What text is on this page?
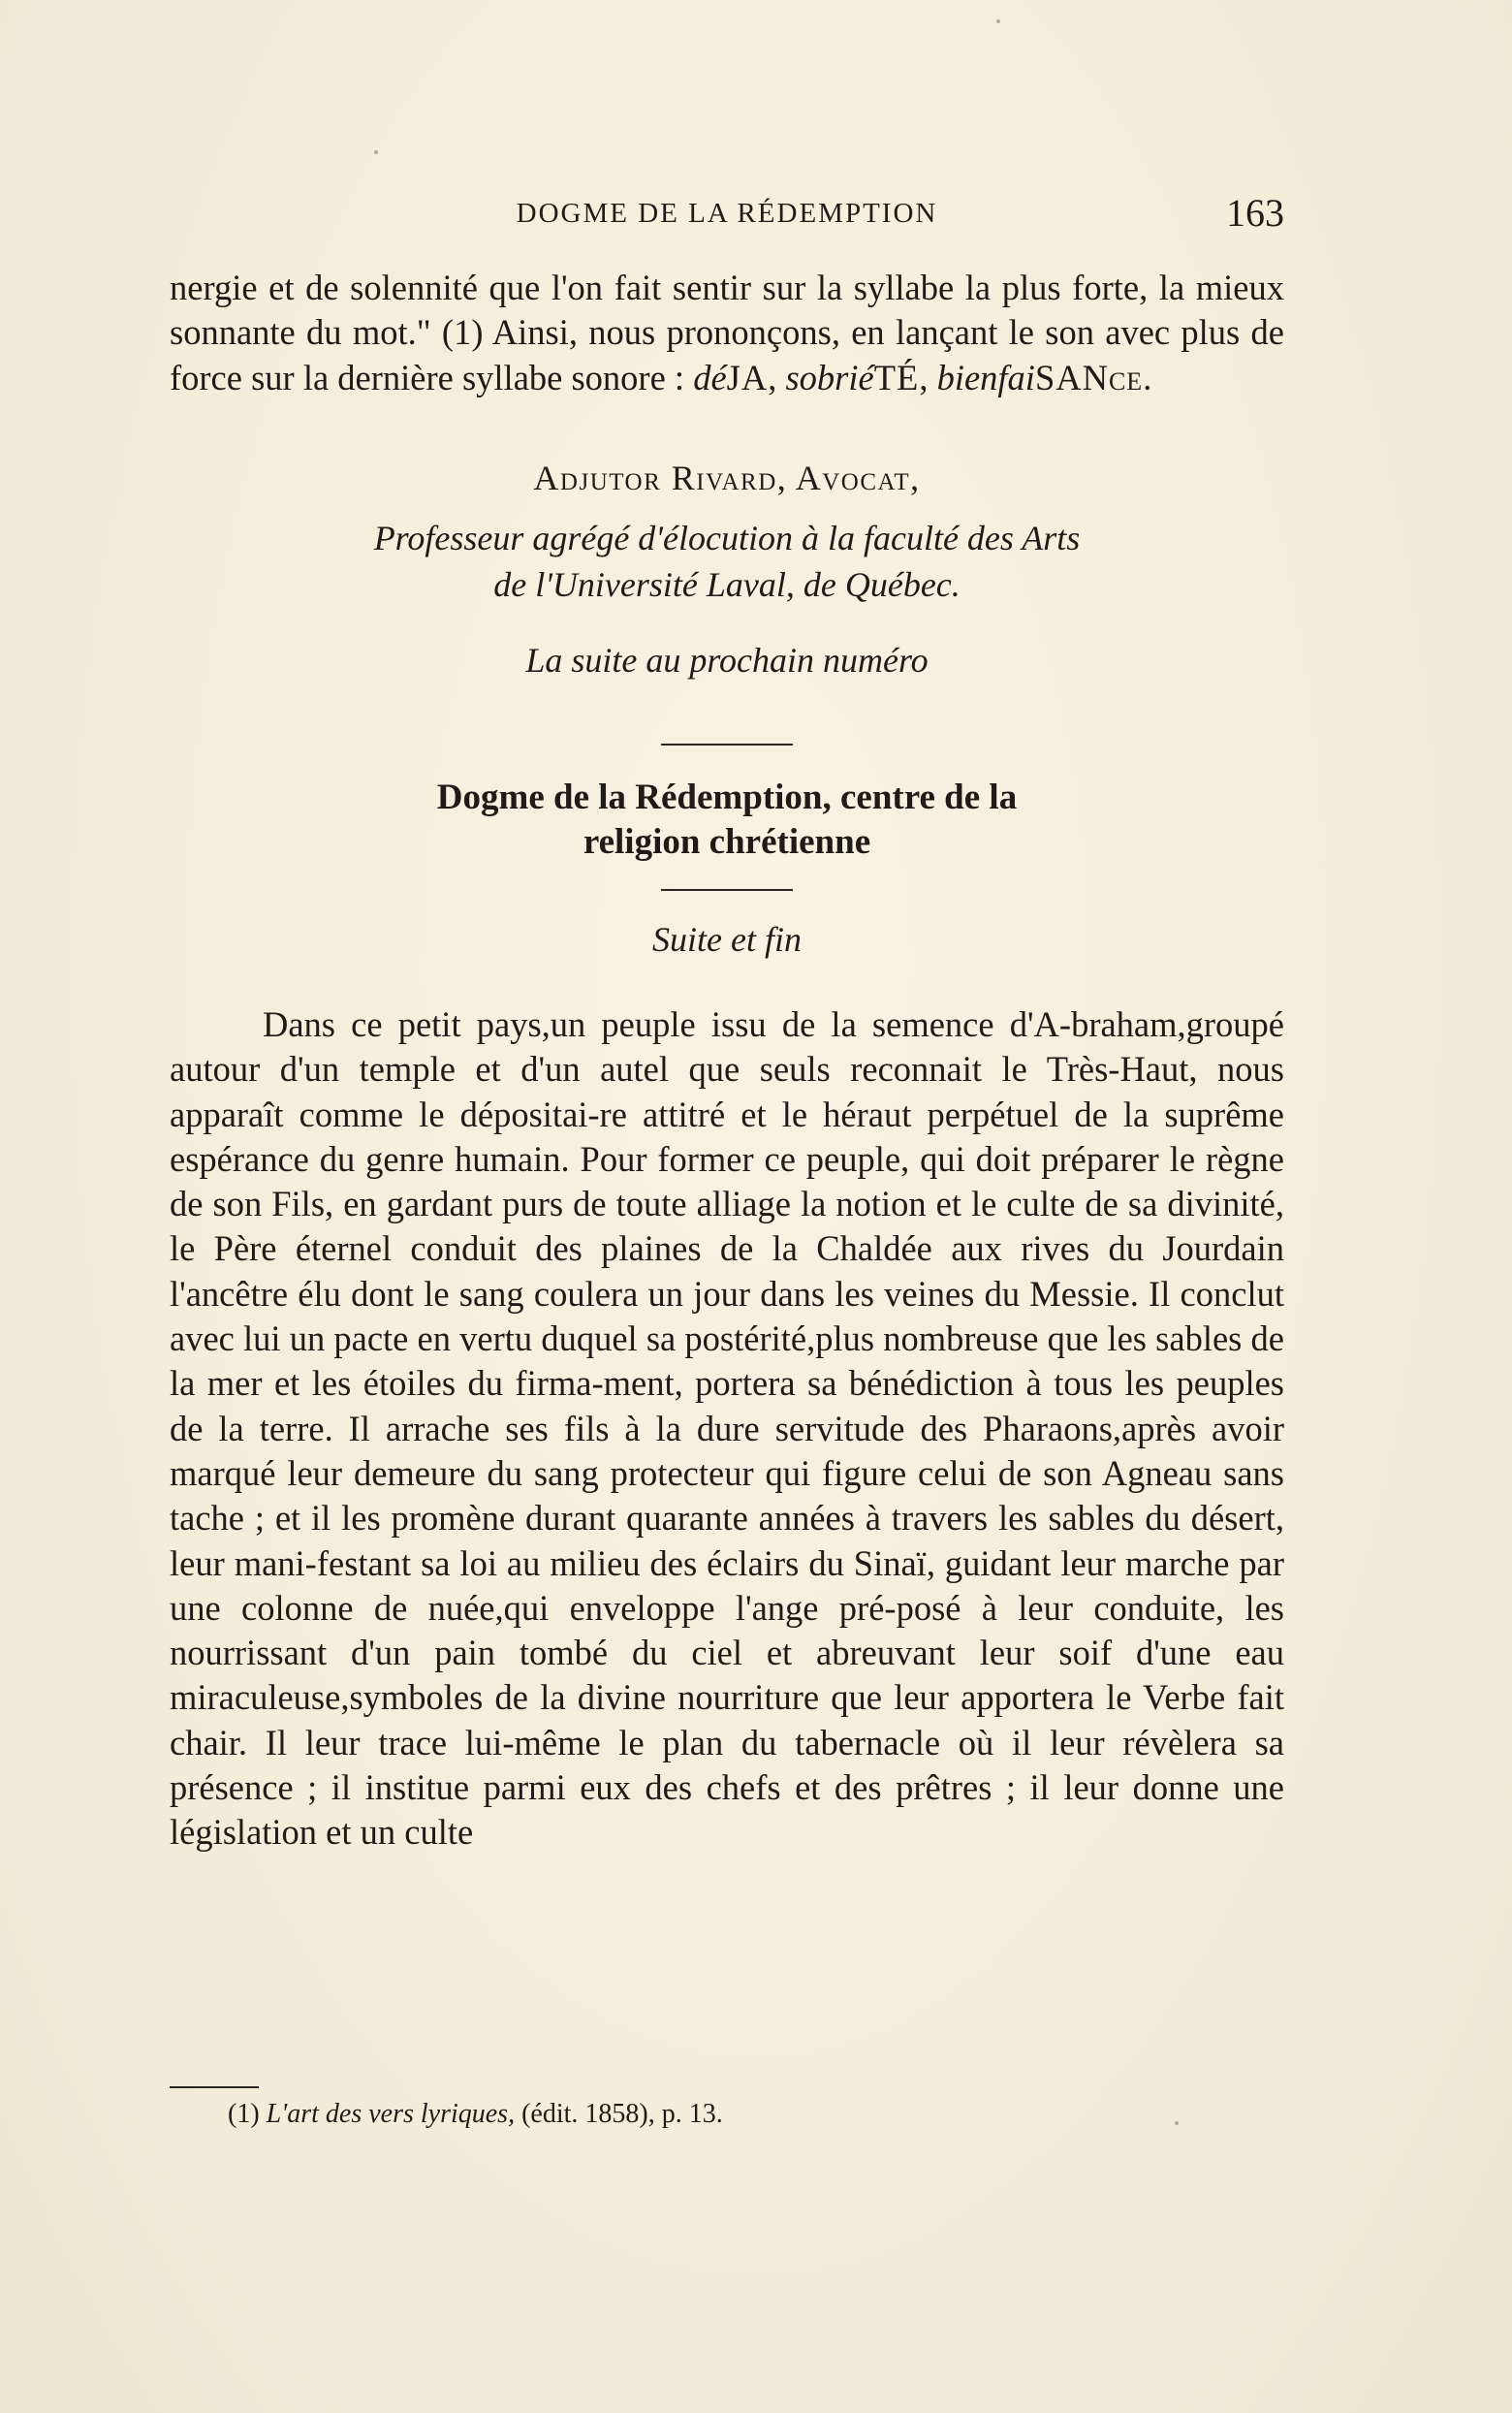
DOGME DE LA RÉDEMPTION	163
nergie et de solennité que l'on fait sentir sur la syllabe la plus forte, la mieux sonnante du mot." (1) Ainsi, nous prononçons, en lançant le son avec plus de force sur la dernière syllabe sonore : déJA, sobriéTÉ, bienfaiSANce.
Adjutor Rivard, Avocat,
Professeur agrégé d'élocution à la faculté des Arts
de l'Université Laval, de Québec.
La suite au prochain numéro
Dogme de la Rédemption, centre de la
religion chrétienne
Suite et fin
Dans ce petit pays,un peuple issu de la semence d'A-braham,groupé autour d'un temple et d'un autel que seuls reconnait le Très-Haut, nous apparaît comme le dépositai-re attitré et le héraut perpétuel de la suprême espérance du genre humain. Pour former ce peuple, qui doit préparer le règne de son Fils, en gardant purs de toute alliage la notion et le culte de sa divinité, le Père éternel conduit des plaines de la Chaldée aux rives du Jourdain l'ancêtre élu dont le sang coulera un jour dans les veines du Messie. Il conclut avec lui un pacte en vertu duquel sa postérité,plus nombreuse que les sables de la mer et les étoiles du firma-ment, portera sa bénédiction à tous les peuples de la terre. Il arrache ses fils à la dure servitude des Pharaons,après avoir marqué leur demeure du sang protecteur qui figure celui de son Agneau sans tache ; et il les promène durant quarante années à travers les sables du désert, leur mani-festant sa loi au milieu des éclairs du Sinaï, guidant leur marche par une colonne de nuée,qui enveloppe l'ange pré-posé à leur conduite, les nourrissant d'un pain tombé du ciel et abreuvant leur soif d'une eau miraculeuse,symboles de la divine nourriture que leur apportera le Verbe fait chair. Il leur trace lui-même le plan du tabernacle où il leur révèlera sa présence ; il institue parmi eux des chefs et des prêtres ; il leur donne une législation et un culte
(1) L'art des vers lyriques, (édit. 1858), p. 13.
